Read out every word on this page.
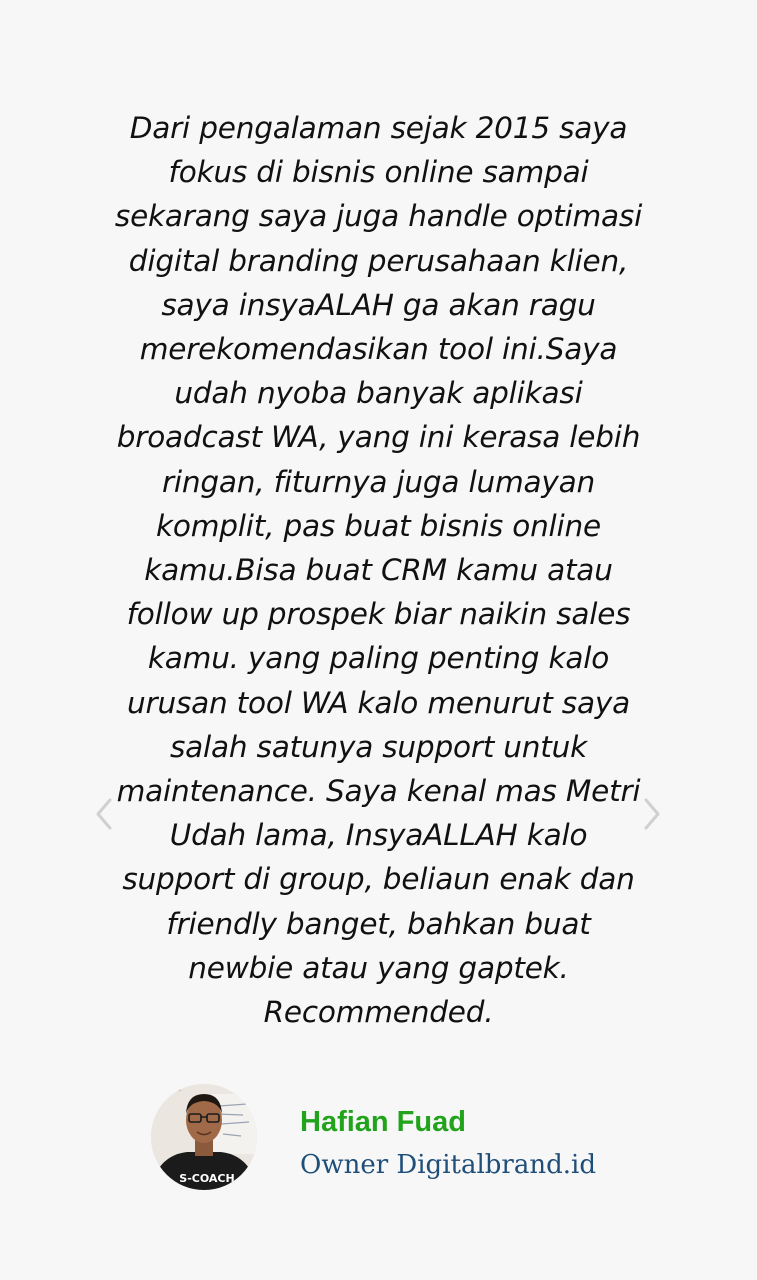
Dari pengalaman sejak 2015 saya fokus di bisnis online sampai sekarang saya juga handle optimasi digital branding perusahaan klien, saya insyaALAH ga akan ragu merekomendasikan tool ini.Saya udah nyoba banyak aplikasi broadcast WA, yang ini kerasa lebih ringan, fiturnya juga lumayan komplit, pas buat bisnis online kamu.Bisa buat CRM kamu atau follow up prospek biar naikin sales kamu. yang paling penting kalo urusan tool WA kalo menurut saya salah satunya support untuk maintenance. Saya kenal mas Metri Udah lama, InsyaALLAH kalo support di group, beliaun enak dan friendly banget, bahkan buat newbie atau yang gaptek. Recommended.

S-COACH
Hafian Fuad
Owner Digitalbrand.id
